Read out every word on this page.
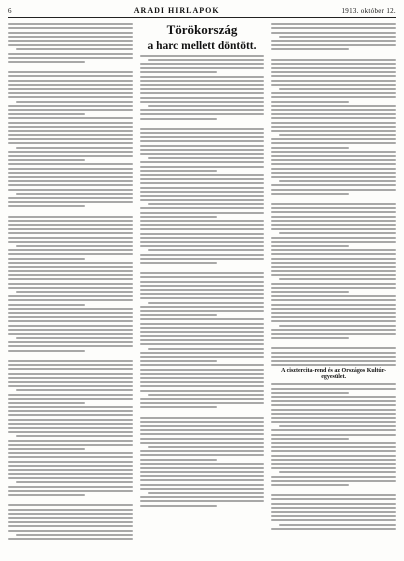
6	ARADI HIRLAPOK	1913. október 12.
Törökország
a harc mellett döntött.
A cisztercita-rend és az Országos Kultúr-egyesület.
